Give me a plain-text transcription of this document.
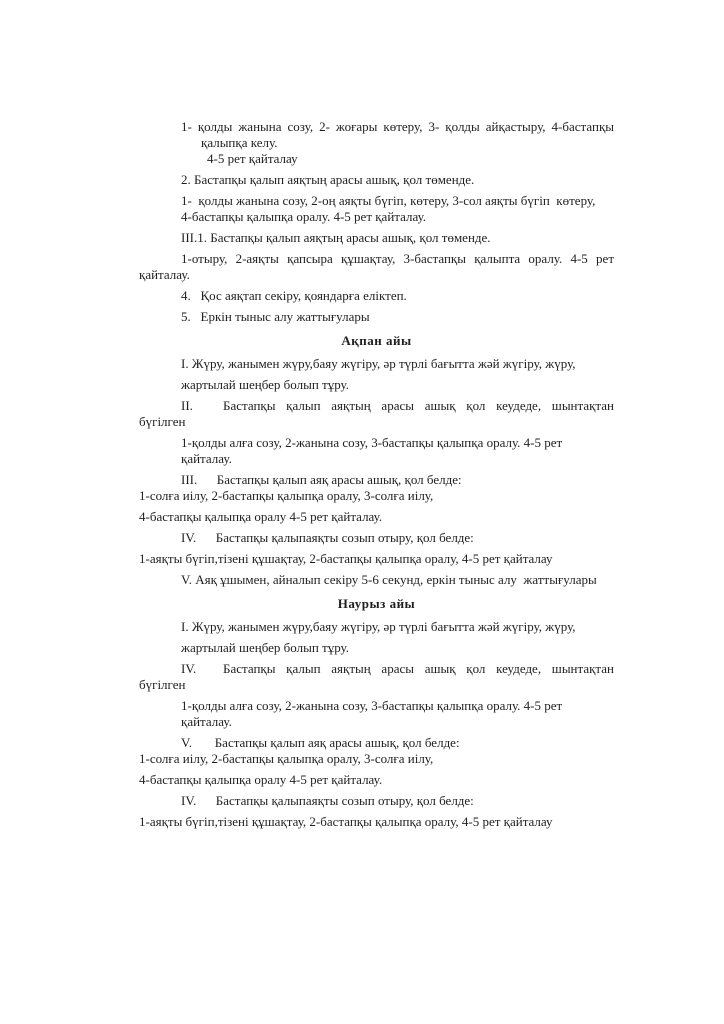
1- қолды жанына созу, 2- жоғары көтеру, 3- қолды айқастыру, 4-бастапқы
қалыпқа келу.
4-5 рет қайталау
2. Бастапқы қалып аяқтың арасы ашық, қол төменде.
1-  қолды жанына созу, 2-оң аяқты бүгіп, көтеру, 3-сол аяқты бүгіп  көтеру,
4-бастапқы қалыпқа оралу. 4-5 рет қайталау.
III.1. Бастапқы қалып аяқтың арасы ашық, қол төменде.
1-отыру, 2-аяқты қапсыра құшақтау, 3-бастапқы қалыпта оралу. 4-5 рет
қайталау.
4.   Қос аяқтап секіру, қояндарға еліктеп.
5.   Еркін тыныс алу жаттығулары
Ақпан айы
I. Жүру, жанымен жүру,баяу жүгіру, әр түрлі бағытта жәй жүгіру, жүру,
жартылай шеңбер болып тұру.
II. Бастапқы қалып аяқтың арасы ашық қол кеудеде, шынтақтан
бүгілген
1-қолды алға созу, 2-жанына созу, 3-бастапқы қалыпқа оралу. 4-5 рет
қайталау.
III.      Бастапқы қалып аяқ арасы ашық, қол белде:
1-солға иілу, 2-бастапқы қалыпқа оралу, 3-солға иілу,
4-бастапқы қалыпқа оралу 4-5 рет қайталау.
IV.      Бастапқы қалыпаяқты созып отыру, қол белде:
1-аяқты бүгіп,тізені құшақтау, 2-бастапқы қалыпқа оралу, 4-5 рет қайталау
V. Аяқ ұшымен, айналып секіру 5-6 секунд, еркін тыныс алу  жаттығулары
Наурыз айы
I. Жүру, жанымен жүру,баяу жүгіру, әр түрлі бағытта жәй жүгіру, жүру,
жартылай шеңбер болып тұру.
IV. Бастапқы қалып аяқтың арасы ашық қол кеудеде, шынтақтан
бүгілген
1-қолды алға созу, 2-жанына созу, 3-бастапқы қалыпқа оралу. 4-5 рет
қайталау.
V.       Бастапқы қалып аяқ арасы ашық, қол белде:
1-солға иілу, 2-бастапқы қалыпқа оралу, 3-солға иілу,
4-бастапқы қалыпқа оралу 4-5 рет қайталау.
IV.      Бастапқы қалыпаяқты созып отыру, қол белде:
1-аяқты бүгіп,тізені құшақтау, 2-бастапқы қалыпқа оралу, 4-5 рет қайталау
